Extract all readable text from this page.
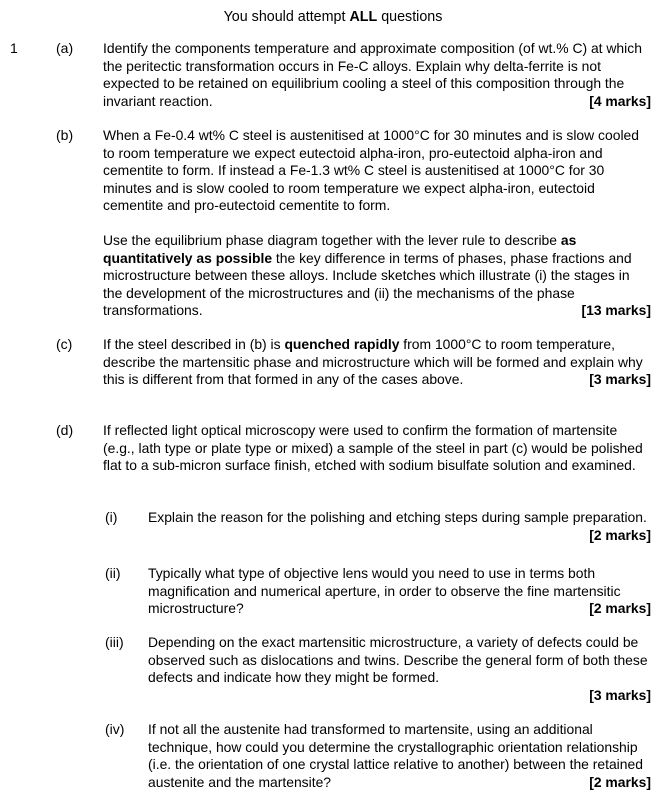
You should attempt ALL questions
1	(a) Identify the components temperature and approximate composition (of wt.% C) at which the peritectic transformation occurs in Fe-C alloys. Explain why delta-ferrite is not expected to be retained on equilibrium cooling a steel of this composition through the invariant reaction.	[4 marks]

(b) When a Fe-0.4 wt% C steel is austenitised at 1000°C for 30 minutes and is slow cooled to room temperature we expect eutectoid alpha-iron, pro-eutectoid alpha-iron and cementite to form. If instead a Fe-1.3 wt% C steel is austenitised at 1000°C for 30 minutes and is slow cooled to room temperature we expect alpha-iron, eutectoid cementite and pro-eutectoid cementite to form.

Use the equilibrium phase diagram together with the lever rule to describe as quantitatively as possible the key difference in terms of phases, phase fractions and microstructure between these alloys. Include sketches which illustrate (i) the stages in the development of the microstructures and (ii) the mechanisms of the phase transformations.	[13 marks]

(c) If the steel described in (b) is quenched rapidly from 1000°C to room temperature, describe the martensitic phase and microstructure which will be formed and explain why this is different from that formed in any of the cases above.	[3 marks]

(d) If reflected light optical microscopy were used to confirm the formation of martensite (e.g., lath type or plate type or mixed) a sample of the steel in part (c) would be polished flat to a sub-micron surface finish, etched with sodium bisulfate solution and examined.

(i) Explain the reason for the polishing and etching steps during sample preparation.
[2 marks]

(ii) Typically what type of objective lens would you need to use in terms both magnification and numerical aperture, in order to observe the fine martensitic microstructure?	[2 marks]

(iii) Depending on the exact martensitic microstructure, a variety of defects could be observed such as dislocations and twins. Describe the general form of both these defects and indicate how they might be formed.

[3 marks]

(iv) If not all the austenite had transformed to martensite, using an additional technique, how could you determine the crystallographic orientation relationship (i.e. the orientation of one crystal lattice relative to another) between the retained austenite and the martensite?	[2 marks]
